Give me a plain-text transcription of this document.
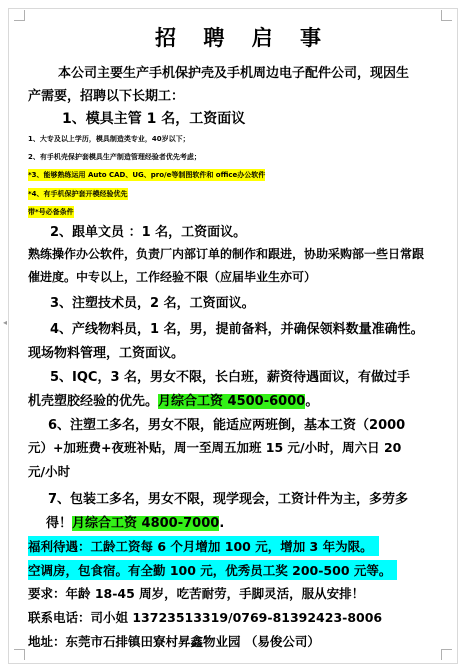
◂
招 聘 启 事
本公司主要生产手机保护壳及手机周边电子配件公司，现因生
产需要，招聘以下长期工：
1、模具主管 1 名，工资面议
1、大专及以上学历，模具制造类专业，40岁以下；
2、有手机壳保护套模具生产制造管理经验者优先考虑；
*3、能够熟练运用 Auto CAD、UG、pro/e等制图软件和 office办公软件
*4、有手机保护套开模经验优先
带*号必备条件
2、跟单文员 ：1 名，工资面议。
熟练操作办公软件，负责厂内部订单的制作和跟进，协助采购部一些日常跟
催进度。中专以上，工作经验不限（应届毕业生亦可）
3、注塑技术员，2 名，工资面议。
4、产线物料员，1 名，男，提前备料，并确保领料数量准确性。
现场物料管理，工资面议。
5、IQC，3 名，男女不限，长白班，薪资待遇面议，有做过手
机壳塑胶经验的优先。月综合工资 4500-6000。
6、注塑工多名，男女不限，能适应两班倒，基本工资（2000
元）+加班费+夜班补贴，周一至周五加班 15 元/小时，周六日 20
元/小时
7、包装工多名，男女不限，现学现会，工资计件为主，多劳多
得！月综合工资 4800-7000.
福利待遇：工龄工资每 6 个月增加 100 元，增加 3 年为限。
空调房，包食宿。有全勤 100 元，优秀员工奖 200-500 元等。
要求：年龄 18-45 周岁，吃苦耐劳，手脚灵活，服从安排！
联系电话：司小姐 13723513319/0769-81392423-8006
地址：东莞市石排镇田寮村昇鑫物业园 （易俊公司）
